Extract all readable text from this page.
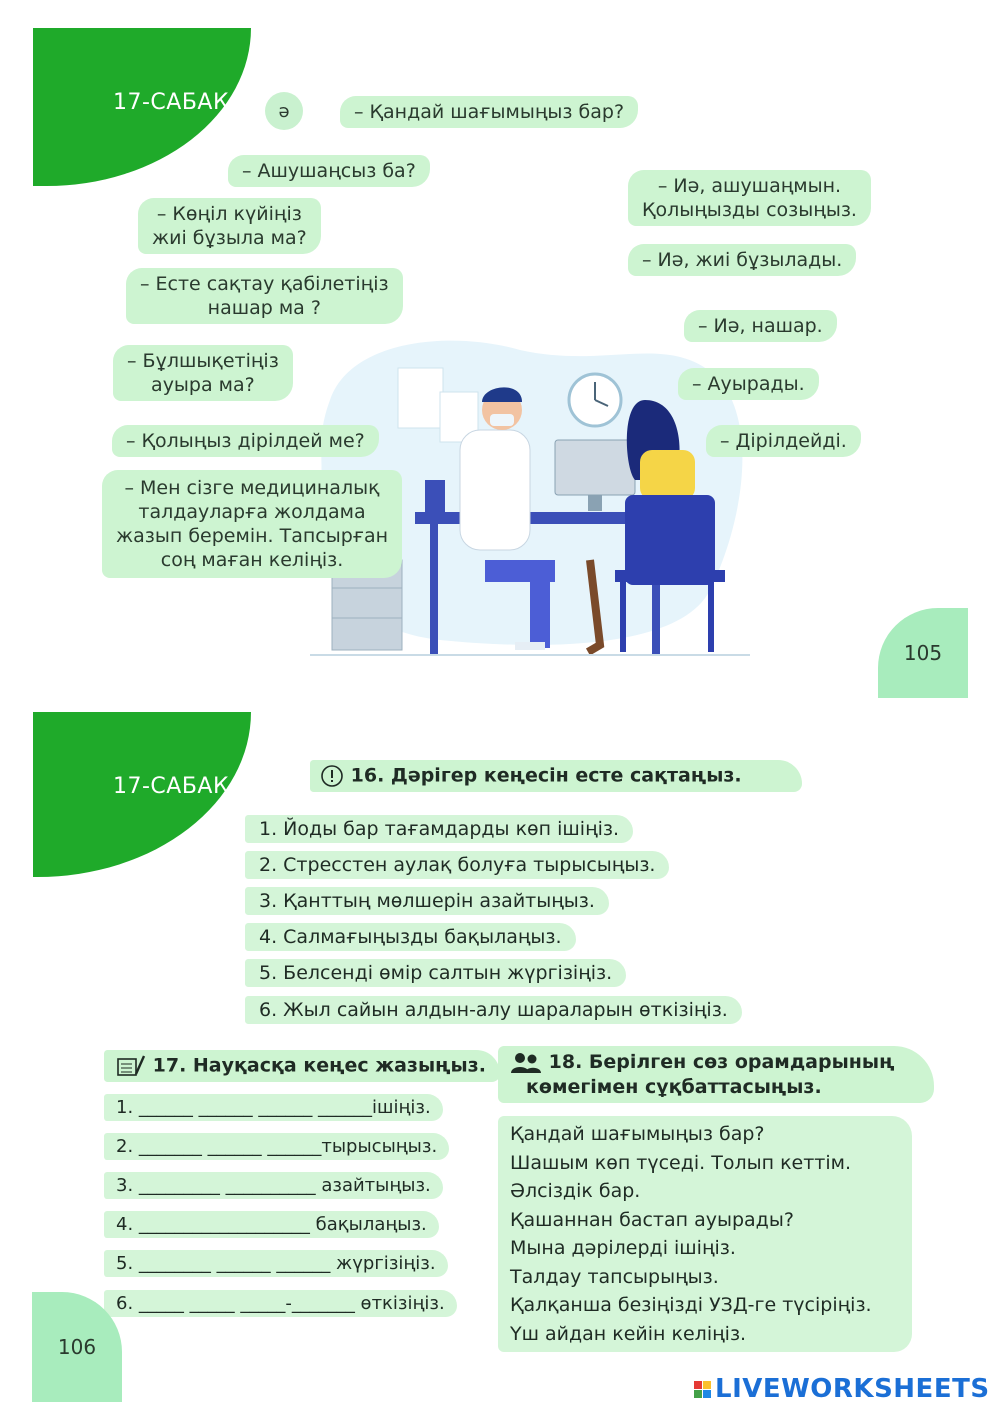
17-САБАҚ	ә	– Қандай шағымыңыз бар?
– Ашушаңсыз ба?
– Көңіл күйіңіз
жиі бұзыла ма?
– Есте сақтау қабілетіңіз
нашар ма ?
– Бұлшықетіңіз
ауыра ма?
– Қолыңыз дірілдей ме?
– Мен сізге медициналық
талдауларға жолдама
жазып беремін. Тапсырған
соң маған келіңіз.
– Иә, ашушаңмын.
Қолыңызды созыңыз.
– Иә, жиі бұзылады.
– Иә, нашар.
– Ауырады.
– Дірілдейді.
105
17-САБАҚ	16. Дәрігер кеңесін есте сақтаңыз.
1. Йоды бар тағамдарды көп ішіңіз.
2. Стресстен аулақ болуға тырысыңыз.
3. Қанттың мөлшерін азайтыңыз.
4. Салмағыңызды бақылаңыз.
5. Белсенді өмір салтын жүргізіңіз.
6. Жыл сайын алдын-алу шараларын өткізіңіз.
17. Науқасқа кеңес жазыңыз.
1. ______ ______ ______ ______ішіңіз.
2. _______ ______ ______тырысыңыз.
3. _________ __________ азайтыңыз.
4. ___________________ бақылаңыз.
5. ________ ______ ______ жүргізіңіз.
6. _____ _____ _____-_______ өткізіңіз.
18. Берілген сөз орамдарының
көмегімен сұқбаттасыңыз.
Қандай шағымыңыз бар?
Шашым көп түседі. Толып кеттім.
Әлсіздік бар.
Қашаннан бастап ауырады?
Мына дәрілерді ішіңіз.
Талдау тапсырыңыз.
Қалқанша безіңізді УЗД-ге түсіріңіз.
Үш айдан кейін келіңіз.
106
LIVEWORKSHEETS
